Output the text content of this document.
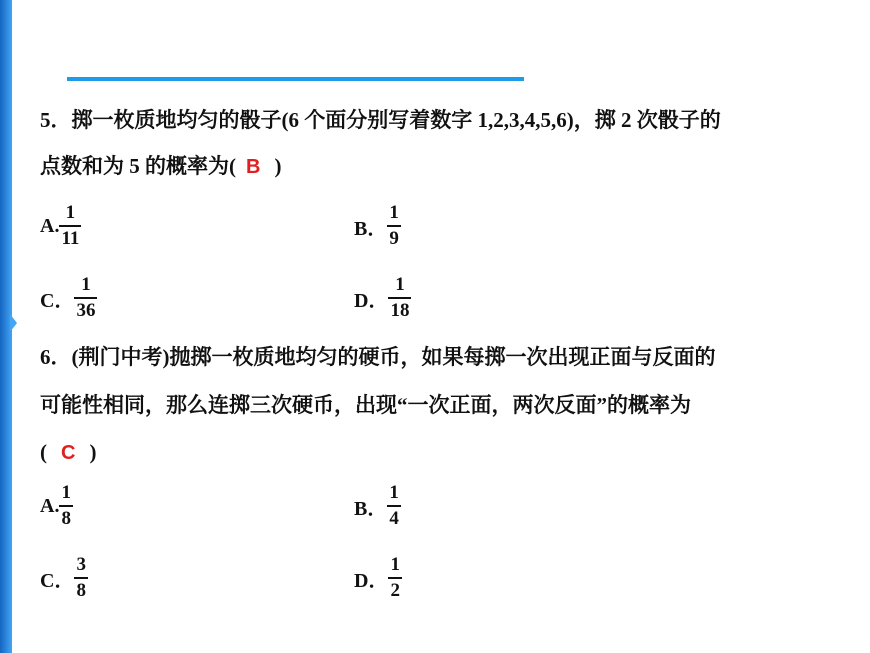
5．掷一枚质地均匀的骰子(6 个面分别写着数字 1,2,3,4,5,6)，掷 2 次骰子的
点数和为 5 的概率为( B )
A. $\frac{1}{11}$	B． $\frac{1}{9}$
C． $\frac{1}{36}$	D． $\frac{1}{18}$
6．(荆门中考)抛掷一枚质地均匀的硬币，如果每掷一次出现正面与反面的
可能性相同，那么连掷三次硬币，出现“一次正面，两次反面”的概率为
( C )
A. $\frac{1}{8}$	B． $\frac{1}{4}$
C． $\frac{3}{8}$	D． $\frac{1}{2}$
